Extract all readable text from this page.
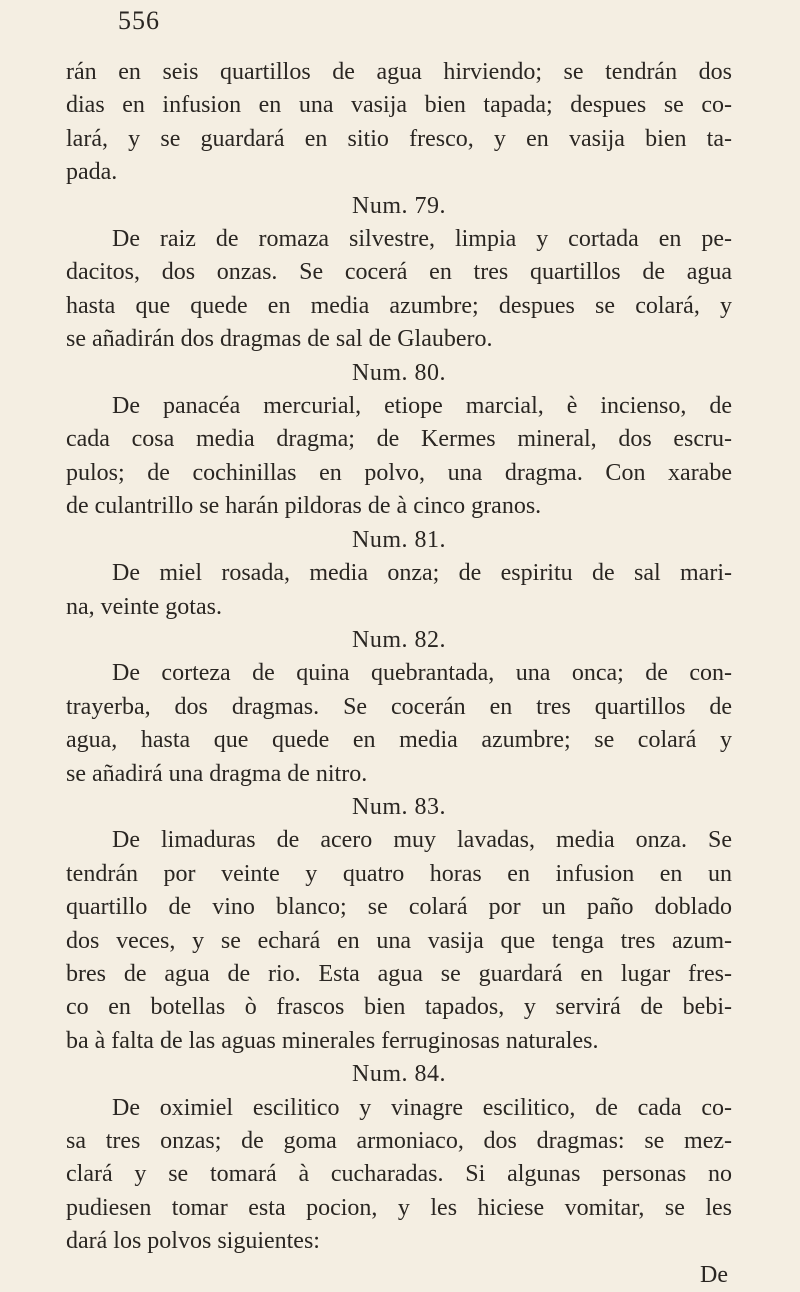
556
rán en seis quartillos de agua hirviendo; se tendrán dos
dias en infusion en una vasija bien tapada; despues se co-
lará, y se guardará en sitio fresco, y en vasija bien ta-
pada.
Num. 79.
De raiz de romaza silvestre, limpia y cortada en pe-
dacitos, dos onzas. Se cocerá en tres quartillos de agua
hasta que quede en media azumbre; despues se colará, y
se añadirán dos dragmas de sal de Glaubero.
Num. 80.
De panacéa mercurial, etiope marcial, è incienso, de
cada cosa media dragma; de Kermes mineral, dos escru-
pulos; de cochinillas en polvo, una dragma. Con xarabe
de culantrillo se harán pildoras de à cinco granos.
Num. 81.
De miel rosada, media onza; de espiritu de sal mari-
na, veinte gotas.
Num. 82.
De corteza de quina quebrantada, una onca; de con-
trayerba, dos dragmas. Se cocerán en tres quartillos de
agua, hasta que quede en media azumbre; se colará y
se añadirá una dragma de nitro.
Num. 83.
De limaduras de acero muy lavadas, media onza. Se
tendrán por veinte y quatro horas en infusion en un
quartillo de vino blanco; se colará por un paño doblado
dos veces, y se echará en una vasija que tenga tres azum-
bres de agua de rio. Esta agua se guardará en lugar fres-
co en botellas ò frascos bien tapados, y servirá de bebi-
ba à falta de las aguas minerales ferruginosas naturales.
Num. 84.
De oximiel escilitico y vinagre escilitico, de cada co-
sa tres onzas; de goma armoniaco, dos dragmas: se mez-
clará y se tomará à cucharadas. Si algunas personas no
pudiesen tomar esta pocion, y les hiciese vomitar, se les
dará los polvos siguientes:
De
